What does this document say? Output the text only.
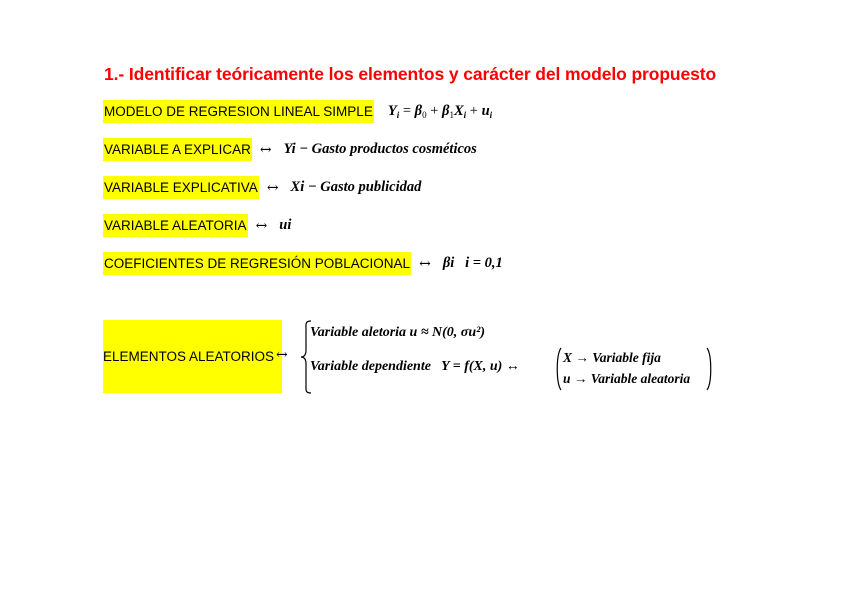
1.- Identificar teóricamente los elementos y carácter del modelo propuesto
MODELO DE REGRESION LINEAL SIMPLE $Y_i = \beta_0 + \beta_1X_i + u_i$
VARIABLE A EXPLICAR ↔ Yi − Gasto productos cosméticos
VARIABLE EXPLICATIVA ↔ Xi − Gasto publicidad
VARIABLE ALEATORIA ↔ ui
COEFICIENTES DE REGRESIÓN POBLACIONAL ↔ βi   i = 0,1
ELEMENTOS ALEATORIOS ↔
Variable aletoria u ≈ N(0, σu²)
Variable dependiente   Y = f(X, u) ↔
X → Variable fija
u → Variable aleatoria
